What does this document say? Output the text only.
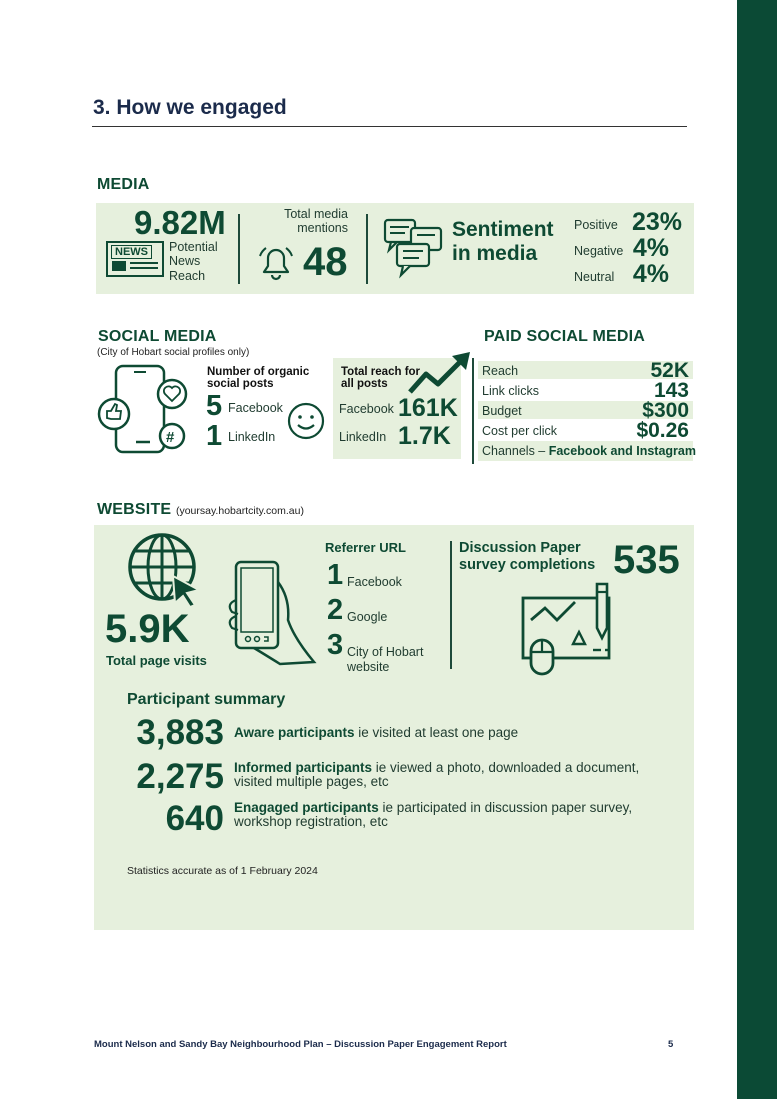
3. How we engaged
MEDIA
9.82M
NEWS	Potential
News
Reach
Total media
mentions
48
Sentiment
in media
Positive 23%
Negative 4%
Neutral 4%
SOCIAL MEDIA
(City of Hobart social profiles only)
#
Number of organic
social posts
5 Facebook
1 LinkedIn
Total reach for
all posts
Facebook 161K
LinkedIn 1.7K
PAID SOCIAL MEDIA
Reach	52K
Link clicks	143
Budget	$300
Cost per click	$0.26
Channels – Facebook and Instagram
WEBSITE (yoursay.hobartcity.com.au)
5.9K
Total page visits
Referrer URL
1 Facebook
2 Google
3 City of Hobart
website
Discussion Paper
survey completions 535
Participant summary
3,883 Aware participants ie visited at least one page
2,275 Informed participants ie viewed a photo, downloaded a document,
visited multiple pages, etc
640 Enagaged participants ie participated in discussion paper survey,
workshop registration, etc
Statistics accurate as of 1 February 2024
Mount Nelson and Sandy Bay Neighbourhood Plan – Discussion Paper Engagement Report	5
